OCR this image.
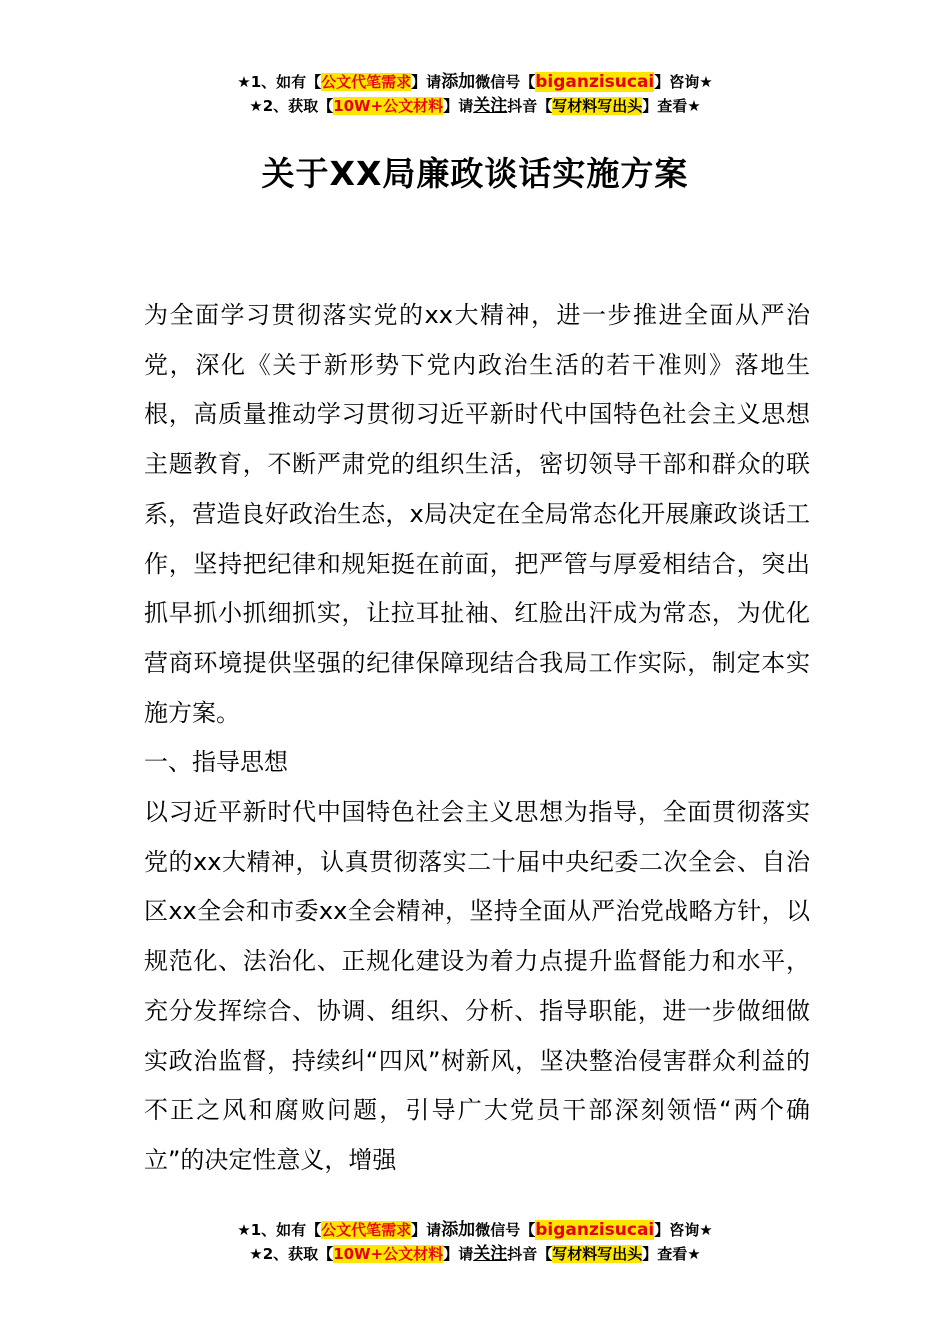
★1、如有【公文代笔需求】请添加微信号【biganzisucai】咨询★
★2、获取【10W+公文材料】请关注抖音【写材料写出头】查看★
关于XX局廉政谈话实施方案

为全面学习贯彻落实党的xx大精神，进一步推进全面从严治党，深化《关于新形势下党内政治生活的若干准则》落地生根，高质量推动学习贯彻习近平新时代中国特色社会主义思想主题教育，不断严肃党的组织生活，密切领导干部和群众的联系，营造良好政治生态，x局决定在全局常态化开展廉政谈话工作，坚持把纪律和规矩挺在前面，把严管与厚爱相结合，突出抓早抓小抓细抓实，让拉耳扯袖、红脸出汗成为常态，为优化营商环境提供坚强的纪律保障现结合我局工作实际，制定本实施方案。

一、指导思想

以习近平新时代中国特色社会主义思想为指导，全面贯彻落实党的xx大精神，认真贯彻落实二十届中央纪委二次全会、自治区xx全会和市委xx全会精神，坚持全面从严治党战略方针，以规范化、法治化、正规化建设为着力点提升监督能力和水平，充分发挥综合、协调、组织、分析、指导职能，进一步做细做实政治监督，持续纠“四风”树新风，坚决整治侵害群众利益的不正之风和腐败问题，引导广大党员干部深刻领悟“两个确立”的决定性意义，增强

★1、如有【公文代笔需求】请添加微信号【biganzisucai】咨询★
★2、获取【10W+公文材料】请关注抖音【写材料写出头】查看★
